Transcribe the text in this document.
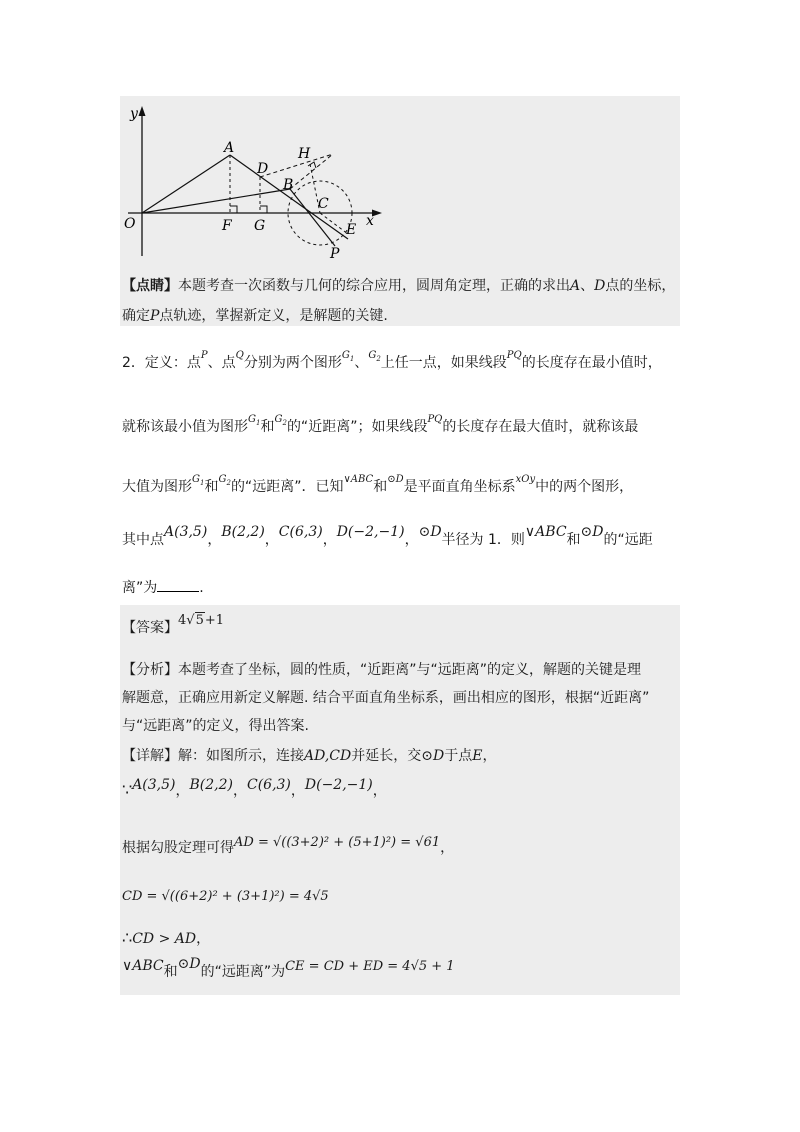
y
x
O
A
D
H
B
C
E
P
F G
【点睛】本题考查一次函数与几何的综合应用，圆周角定理，正确的求出A、D点的坐标，
确定P点轨迹，掌握新定义，是解题的关键.
2．定义：点$^P$、点$^Q$分别为两个图形$^{G_1}$、$^{G_2}$上任一点，如果线段$^{PQ}$的长度存在最小值时，
就称该最小值为图形$^{G_1}$和$^{G_2}$的“近距离”；如果线段$^{PQ}$的长度存在最大值时，就称该最
大值为图形$^{G_1}$和$^{G_2}$的“远距离”．已知$^{\vee ABC}$和$^{⊙D}$是平面直角坐标系$^{xOy}$中的两个图形，
其中点A(3,5)，B(2,2)，C(6,3)，D(−2,−1)，⊙D半径为 1．则∨ABC和⊙D的“远距
离”为	.
【答案】4√5+1
【分析】本题考查了坐标，圆的性质，“近距离”与“远距离”的定义，解题的关键是理
解题意，正确应用新定义解题. 结合平面直角坐标系，画出相应的图形，根据“近距离”
与“远距离”的定义，得出答案.
【详解】解：如图所示，连接AD,CD并延长，交⊙D于点E，
∵A(3,5)，B(2,2)，C(6,3)，D(−2,−1)，
根据勾股定理可得AD = √((3+2)² + (5+1)²) = √61，
CD = √((6+2)² + (3+1)²) = 4√5
∴CD > AD，
∨ABC和⊙D的“远距离”为CE = CD + ED = 4√5 + 1
